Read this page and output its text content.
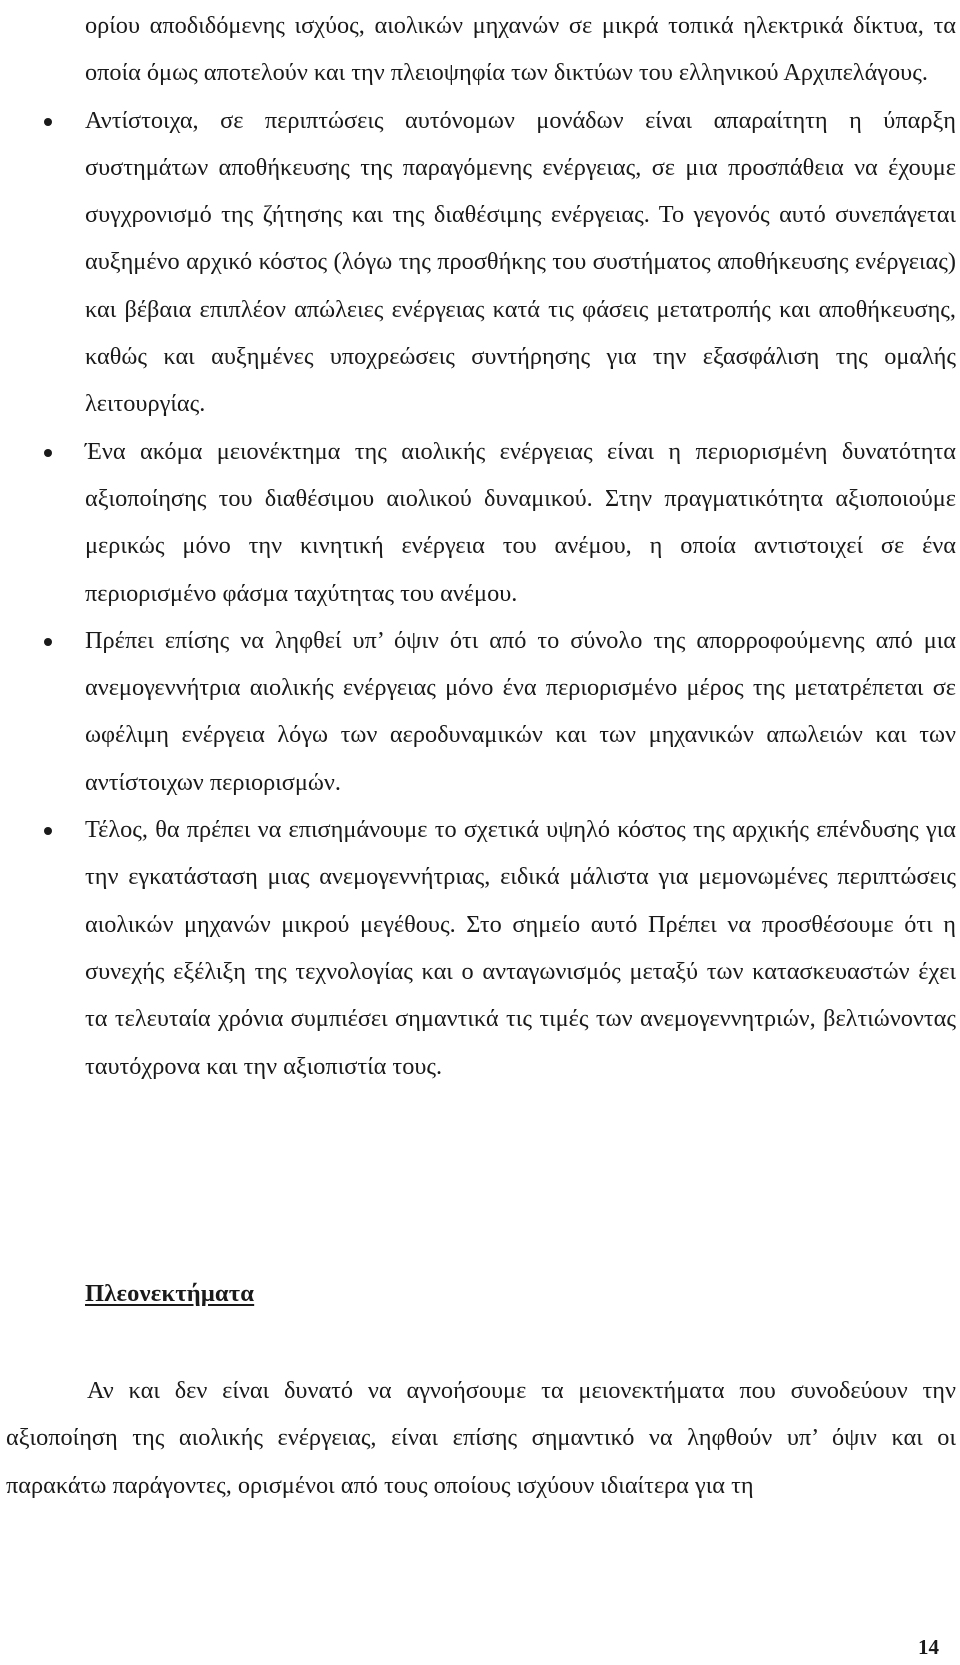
ορίου αποδιδόμενης ισχύος, αιολικών μηχανών σε μικρά τοπικά ηλεκτρικά δίκτυα, τα οποία όμως αποτελούν και την πλειοψηφία των δικτύων του ελληνικού Αρχιπελάγους.
Αντίστοιχα, σε περιπτώσεις αυτόνομων μονάδων είναι απαραίτητη η ύπαρξη συστημάτων αποθήκευσης της παραγόμενης ενέργειας, σε μια προσπάθεια να έχουμε συγχρονισμό της ζήτησης και της διαθέσιμης ενέργειας. Το γεγονός αυτό συνεπάγεται αυξημένο αρχικό κόστος (λόγω της προσθήκης του συστήματος αποθήκευσης ενέργειας) και βέβαια επιπλέον απώλειες ενέργειας κατά τις φάσεις μετατροπής και αποθήκευσης, καθώς και αυξημένες υποχρεώσεις συντήρησης για την εξασφάλιση της ομαλής λειτουργίας.
Ένα ακόμα μειονέκτημα της αιολικής ενέργειας είναι η περιορισμένη δυνατότητα αξιοποίησης του διαθέσιμου αιολικού δυναμικού. Στην πραγματικότητα αξιοποιούμε μερικώς μόνο την κινητική ενέργεια του ανέμου, η οποία αντιστοιχεί σε ένα περιορισμένο φάσμα ταχύτητας του ανέμου.
Πρέπει επίσης να ληφθεί υπ’ όψιν ότι από το σύνολο της απορροφούμενης από μια ανεμογεννήτρια αιολικής ενέργειας μόνο ένα περιορισμένο μέρος της μετατρέπεται σε ωφέλιμη ενέργεια λόγω των αεροδυναμικών και των μηχανικών απωλειών και των αντίστοιχων περιορισμών.
Τέλος, θα πρέπει να επισημάνουμε το σχετικά υψηλό κόστος της αρχικής επένδυσης για την εγκατάσταση μιας ανεμογεννήτριας, ειδικά μάλιστα για μεμονωμένες περιπτώσεις αιολικών μηχανών μικρού μεγέθους. Στο σημείο αυτό Πρέπει να προσθέσουμε ότι η συνεχής εξέλιξη της τεχνολογίας και ο ανταγωνισμός μεταξύ των κατασκευαστών έχει τα τελευταία χρόνια συμπιέσει σημαντικά τις τιμές των ανεμογεννητριών, βελτιώνοντας ταυτόχρονα και την αξιοπιστία τους.
Πλεονεκτήματα

Αν και δεν είναι δυνατό να αγνοήσουμε τα μειονεκτήματα που συνοδεύουν την αξιοποίηση της αιολικής ενέργειας, είναι επίσης σημαντικό να ληφθούν υπ’ όψιν και οι παρακάτω παράγοντες, ορισμένοι από τους οποίους ισχύουν ιδιαίτερα για τη

14
